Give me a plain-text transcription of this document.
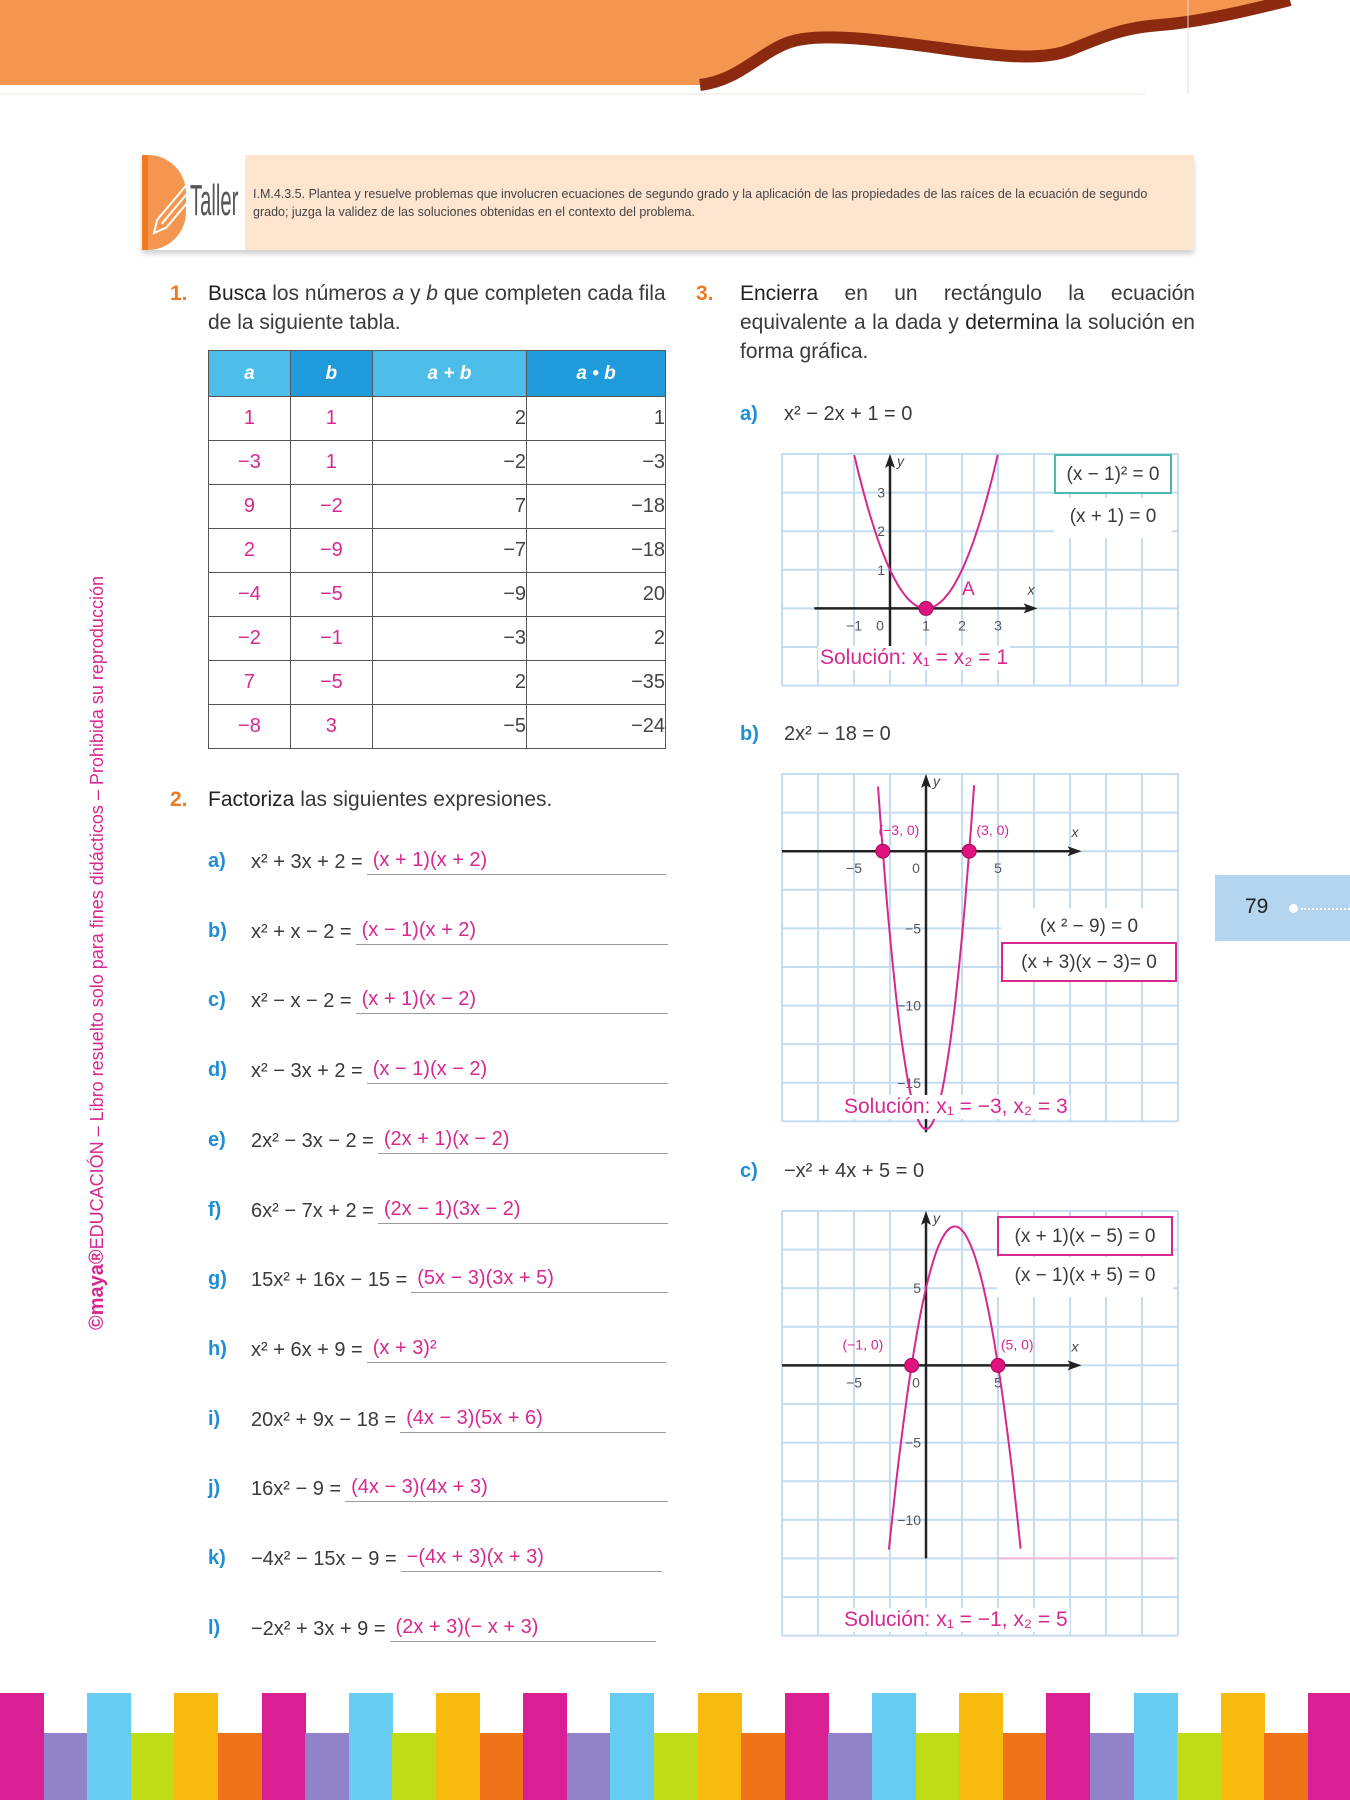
Taller	I.M.4.3.5. Plantea y resuelve problemas que involucren ecuaciones de segundo grado y la aplicación de las propiedades de las raíces de la ecuación de segundo grado; juzga la validez de las soluciones obtenidas en el contexto del problema.
©maya®EDUCACIÓN – Libro resuelto solo para fines didácticos – Prohibida su reproducción
1. Busca los números a y b que completen cada fila de la siguiente tabla.
a	b	a + b	a • b
1	1	2	1
−3	1	−2	−3
9	−2	7	−18
2	−9	−7	−18
−4	−5	−9	20
−2	−1	−3	2
7	−5	2	−35
−8	3	−5	−24
2. Factoriza las siguientes expresiones.
a) x² + 3x + 2 = (x + 1)(x + 2)
b) x² + x − 2 = (x − 1)(x + 2)
c) x² − x − 2 = (x + 1)(x − 2)
d) x² − 3x + 2 = (x − 1)(x − 2)
e) 2x² − 3x − 2 = (2x + 1)(x − 2)
f) 6x² − 7x + 2 = (2x − 1)(3x − 2)
g) 15x² + 16x − 15 = (5x − 3)(3x + 5)
h) x² + 6x + 9 = (x + 3)²
i) 20x² + 9x − 18 = (4x − 3)(5x + 6)
j) 16x² − 9 = (4x − 3)(4x + 3)
k) −4x² − 15x − 9 = −(4x + 3)(x + 3)
l) −2x² + 3x + 9 = (2x + 3)(− x + 3)
3. Encierra en un rectángulo la ecuación equivalente a la dada y determina la solución en forma gráfica.
a) x² − 2x + 1 = 0
x
y
−1 0	1 2 3
1
2
3
A
(x − 1)² = 0
(x + 1) = 0
Solución: x₁ = x₂ = 1
b) 2x² − 18 = 0
x
y
−5	0	5
−5
−10
−15
(−3, 0)	(3, 0)
(x ² − 9) = 0
(x + 3)(x − 3)= 0
Solución: x₁ = −3, x₂ = 3
c) −x² + 4x + 5 = 0
x
y
−5	0	5
5
−5
−10
(−1, 0)	(5, 0)
(x + 1)(x − 5) = 0
(x − 1)(x + 5) = 0
Solución: x₁ = −1, x₂ = 5
79
